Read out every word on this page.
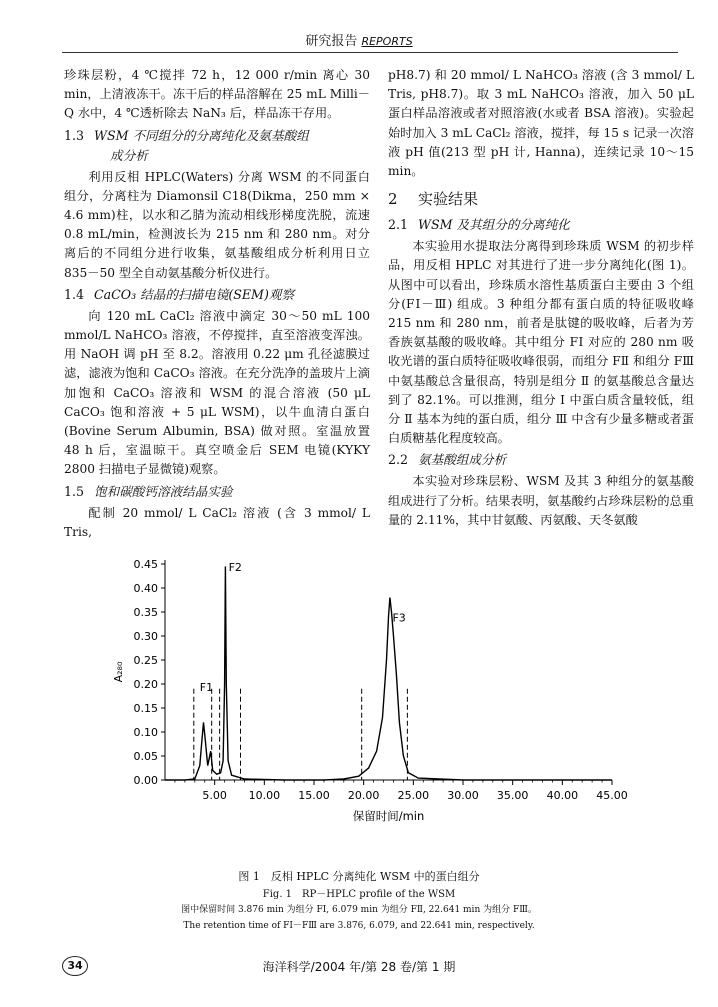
研究报告 REPORTS

珍珠层粉，4 ℃搅拌 72 h，12 000 r/min 离心 30 min，上清液冻干。冻干后的样品溶解在 25 mL Milli－Q 水中，4 ℃透析除去 NaN₃ 后，样品冻干存用。

1.3 WSM 不同组分的分离纯化及氨基酸组
成分析

利用反相 HPLC(Waters) 分离 WSM 的不同蛋白组分，分离柱为 Diamonsil C18(Dikma，250 mm × 4.6 mm)柱，以水和乙腈为流动相线形梯度洗脱，流速 0.8 mL/min，检测波长为 215 nm 和 280 nm。对分离后的不同组分进行收集，氨基酸组成分析利用日立 835－50 型全自动氨基酸分析仪进行。

1.4 CaCO₃ 结晶的扫描电镜(SEM)观察

向 120 mL CaCl₂ 溶液中滴定 30～50 mL 100 mmol/L NaHCO₃ 溶液，不停搅拌，直至溶液变浑浊。用 NaOH 调 pH 至 8.2。溶液用 0.22 μm 孔径滤膜过滤，滤液为饱和 CaCO₃ 溶液。在充分洗净的盖玻片上滴加饱和 CaCO₃ 溶液和 WSM 的混合溶液 (50 μL CaCO₃ 饱和溶液 + 5 μL WSM)，以牛血清白蛋白 (Bovine Serum Albumin, BSA) 做对照。室温放置 48 h 后，室温晾干。真空喷金后 SEM 电镜(KYKY 2800 扫描电子显微镜)观察。

1.5 饱和碳酸钙溶液结晶实验

配制 20 mmol/ L CaCl₂ 溶液 (含 3 mmol/ L Tris,

pH8.7) 和 20 mmol/ L NaHCO₃ 溶液 (含 3 mmol/ L Tris, pH8.7)。取 3 mL NaHCO₃ 溶液，加入 50 μL 蛋白样品溶液或者对照溶液(水或者 BSA 溶液)。实验起始时加入 3 mL CaCl₂ 溶液，搅拌，每 15 s 记录一次溶液 pH 值(213 型 pH 计, Hanna)，连续记录 10～15 min。

2 实验结果
2.1 WSM 及其组分的分离纯化

本实验用水提取法分离得到珍珠质 WSM 的初步样品，用反相 HPLC 对其进行了进一步分离纯化(图 1)。从图中可以看出，珍珠质水溶性基质蛋白主要由 3 个组分(FⅠ－Ⅲ) 组成。3 种组分都有蛋白质的特征吸收峰 215 nm 和 280 nm，前者是肽键的吸收峰，后者为芳香族氨基酸的吸收峰。其中组分 FⅠ 对应的 280 nm 吸收光谱的蛋白质特征吸收峰很弱，而组分 FⅡ 和组分 FⅢ 中氨基酸总含量很高，特别是组分 Ⅱ 的氨基酸总含量达到了 82.1%。可以推测，组分 Ⅰ 中蛋白质含量较低，组分 Ⅱ 基本为纯的蛋白质，组分 Ⅲ 中含有少量多糖或者蛋白质糖基化程度较高。

2.2 氨基酸组成分析

本实验对珍珠层粉、WSM 及其 3 种组分的氨基酸组成进行了分析。结果表明，氨基酸约占珍珠层粉的总重量的 2.11%，其中甘氨酸、丙氨酸、天冬氨酸

0.00
0.05
0.10
0.15
0.20
0.25
0.30
0.35
0.40
0.45
5.00 10.00 15.00 20.00 25.00 30.00 35.00 40.00 45.00
F1
F2
F3
保留时间/min
A₂₈₀
图 1　反相 HPLC 分离纯化 WSM 中的蛋白组分
Fig. 1　RP－HPLC profile of the WSM
图中保留时间 3.876 min 为组分 FⅠ, 6.079 min 为组分 FⅡ, 22.641 min 为组分 FⅢ。
The retention time of FⅠ－FⅢ are 3.876, 6.079, and 22.641 min, respectively.
34	海洋科学/2004 年/第 28 卷/第 1 期
